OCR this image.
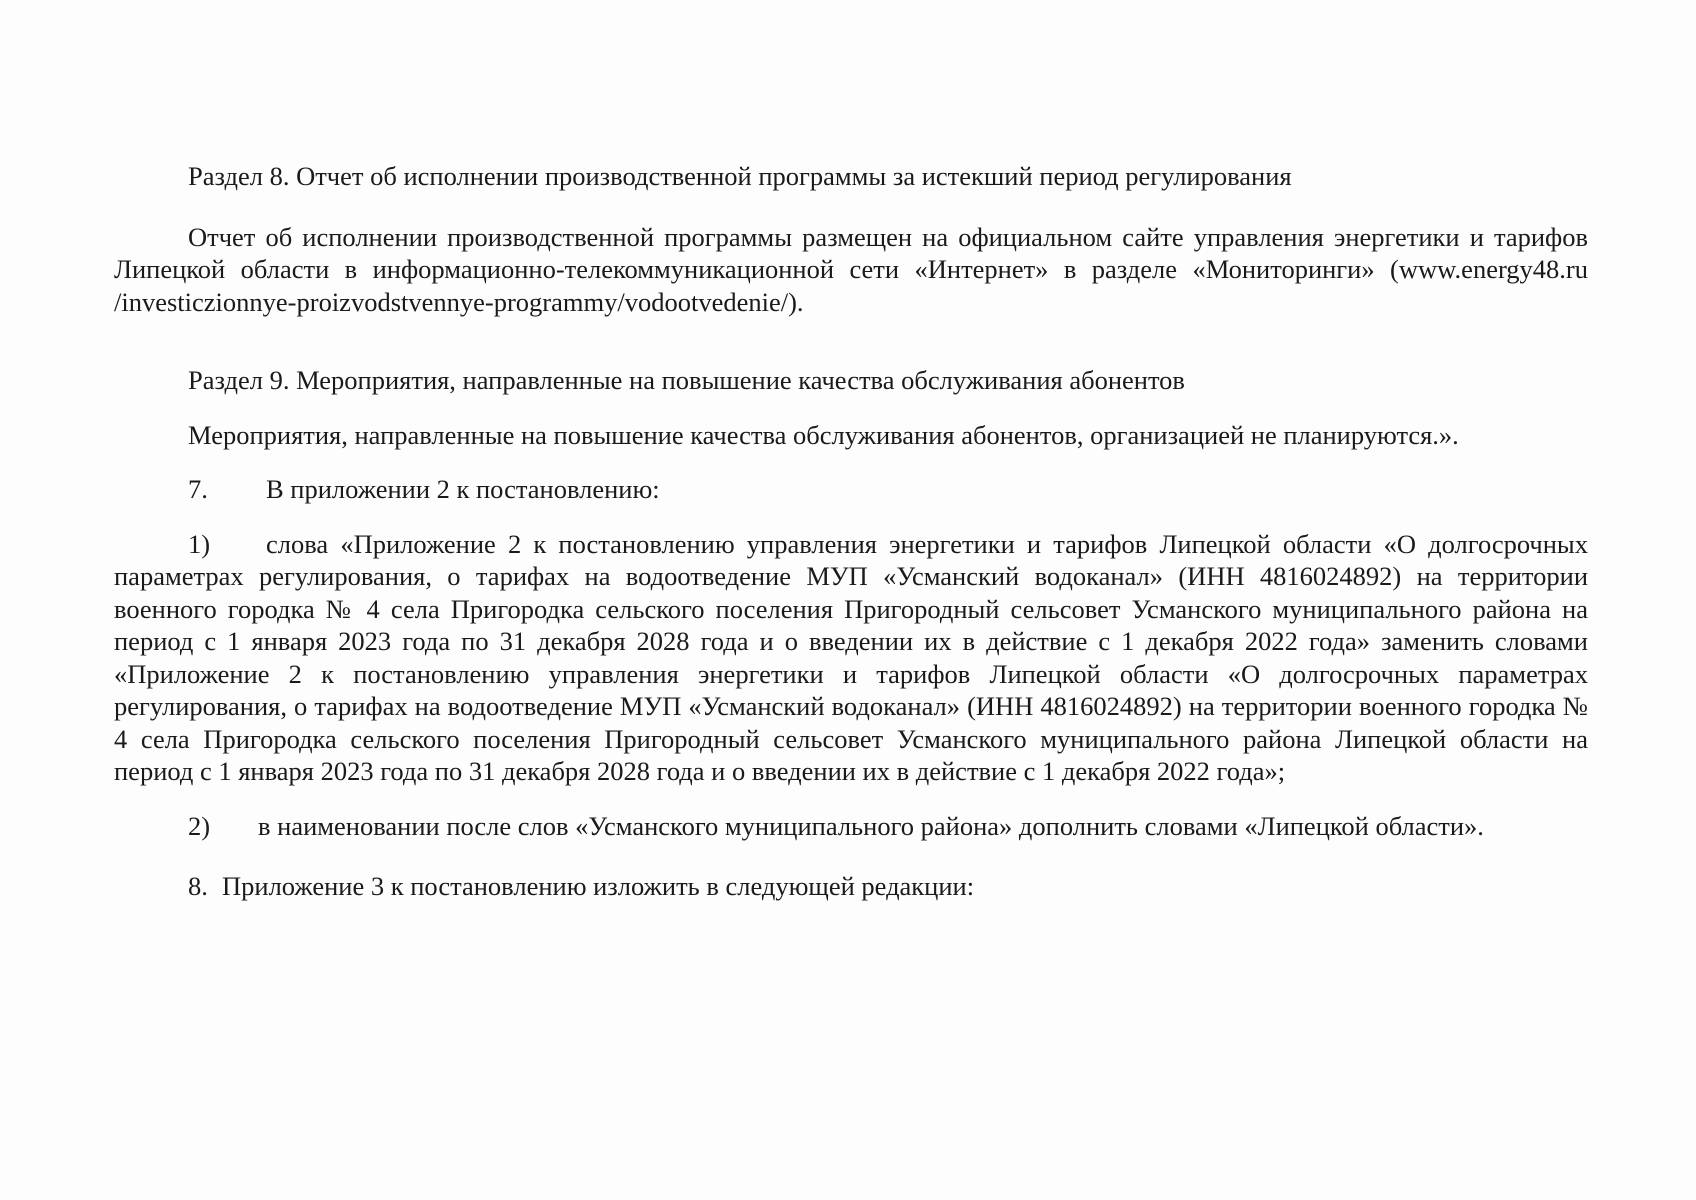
Раздел 8. Отчет об исполнении производственной программы за истекший период регулирования

Отчет об исполнении производственной программы размещен на официальном сайте управления энергетики и тарифов Липецкой области в информационно-телекоммуникационной сети «Интернет» в разделе «Мониторинги» (www.energy48.ru /investiczionnye-proizvodstvennye-programmy/vodootvedenie/).

Раздел 9. Мероприятия, направленные на повышение качества обслуживания абонентов

Мероприятия, направленные на повышение качества обслуживания абонентов, организацией не планируются.».

7. В приложении 2 к постановлению:

1) слова «Приложение 2 к постановлению управления энергетики и тарифов Липецкой области «О долгосрочных параметрах регулирования, о тарифах на водоотведение МУП «Усманский водоканал» (ИНН 4816024892) на территории военного городка № 4 села Пригородка сельского поселения Пригородный сельсовет Усманского муниципального района на период с 1 января 2023 года по 31 декабря 2028 года и о введении их в действие с 1 декабря 2022 года» заменить словами «Приложение 2 к постановлению управления энергетики и тарифов Липецкой области «О долгосрочных параметрах регулирования, о тарифах на водоотведение МУП «Усманский водоканал» (ИНН 4816024892) на территории военного городка № 4 села Пригородка сельского поселения Пригородный сельсовет Усманского муниципального района Липецкой области на период с 1 января 2023 года по 31 декабря 2028 года и о введении их в действие с 1 декабря 2022 года»;

2) в наименовании после слов «Усманского муниципального района» дополнить словами «Липецкой области».

8. Приложение 3 к постановлению изложить в следующей редакции:
